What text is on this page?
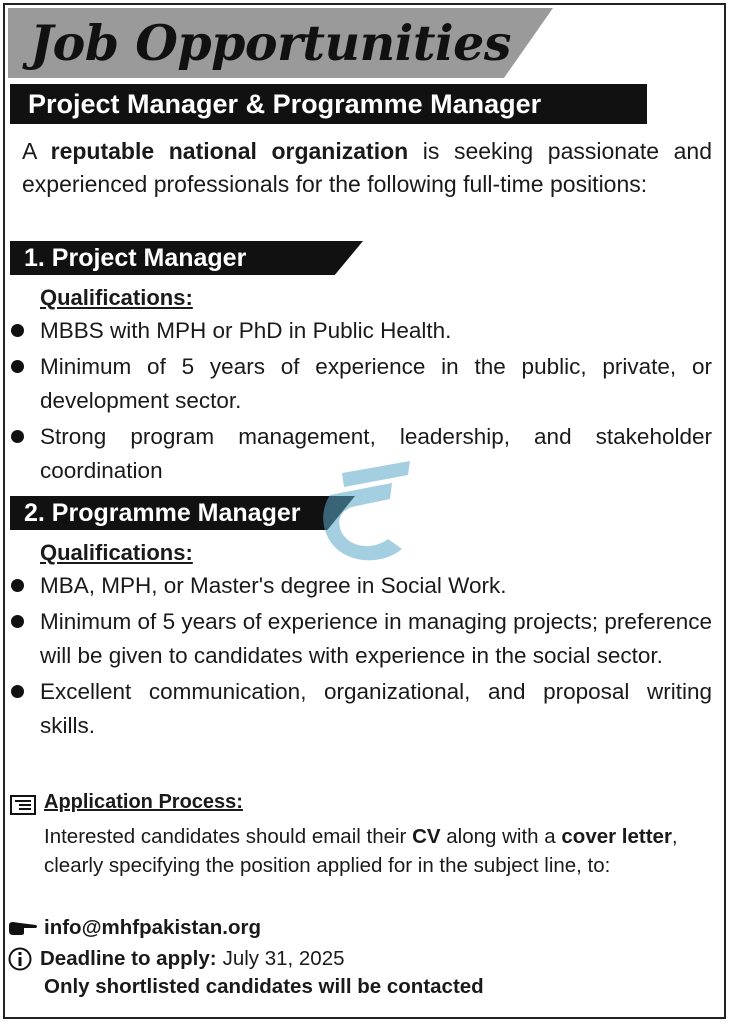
Job Opportunities
Project Manager & Programme Manager
A reputable national organization is seeking passionate and experienced professionals for the following full-time positions:
1. Project Manager
Qualifications:
MBBS with MPH or PhD in Public Health.
Minimum of 5 years of experience in the public, private, or development sector.
Strong program management, leadership, and stakeholder coordination
2. Programme Manager
Qualifications:
MBA, MPH, or Master's degree in Social Work.
Minimum of 5 years of experience in managing projects; preference will be given to candidates with experience in the social sector.
Excellent communication, organizational, and proposal writing skills.
Application Process:
Interested candidates should email their CV along with a cover letter, clearly specifying the position applied for in the subject line, to:
info@mhfpakistan.org
Deadline to apply: July 31, 2025
Only shortlisted candidates will be contacted
